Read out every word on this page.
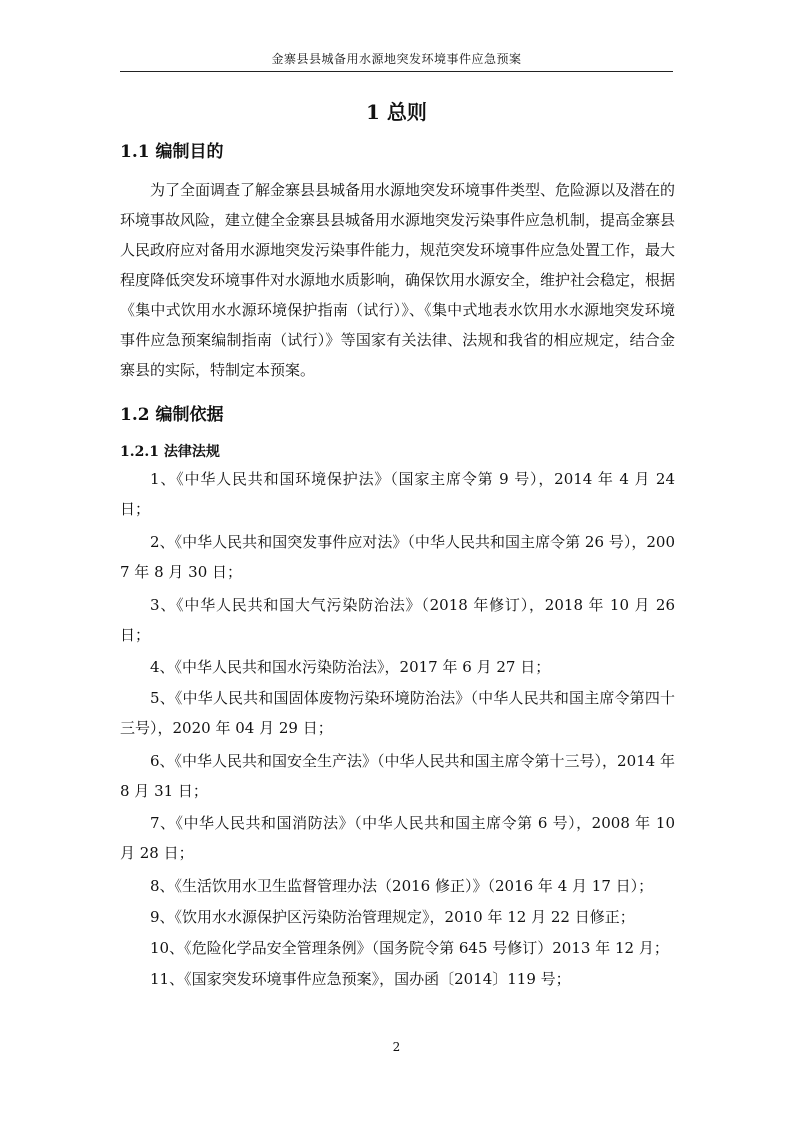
金寨县县城备用水源地突发环境事件应急预案
1 总则
1.1 编制目的

为了全面调查了解金寨县县城备用水源地突发环境事件类型、危险源以及潜在的环境事故风险，建立健全金寨县县城备用水源地突发污染事件应急机制，提高金寨县人民政府应对备用水源地突发污染事件能力，规范突发环境事件应急处置工作，最大程度降低突发环境事件对水源地水质影响，确保饮用水源安全，维护社会稳定，根据《集中式饮用水水源环境保护指南（试行）》、《集中式地表水饮用水水源地突发环境事件应急预案编制指南（试行）》等国家有关法律、法规和我省的相应规定，结合金寨县的实际，特制定本预案。

1.2 编制依据
1.2.1 法律法规

1、《中华人民共和国环境保护法》（国家主席令第 9 号），2014 年 4 月 24 日；

2、《中华人民共和国突发事件应对法》（中华人民共和国主席令第 26 号），2007 年 8 月 30 日；

3、《中华人民共和国大气污染防治法》（2018 年修订），2018 年 10 月 26 日；

4、《中华人民共和国水污染防治法》，2017 年 6 月 27 日；

5、《中华人民共和国固体废物污染环境防治法》（中华人民共和国主席令第四十三号），2020 年 04 月 29 日；

6、《中华人民共和国安全生产法》（中华人民共和国主席令第十三号），2014 年 8 月 31 日；

7、《中华人民共和国消防法》（中华人民共和国主席令第 6 号），2008 年 10 月 28 日；

8、《生活饮用水卫生监督管理办法（2016 修正）》（2016 年 4 月 17 日）；

9、《饮用水水源保护区污染防治管理规定》，2010 年 12 月 22 日修正；

10、《危险化学品安全管理条例》（国务院令第 645 号修订）2013 年 12 月；

11、《国家突发环境事件应急预案》，国办函〔2014〕119 号；

2
